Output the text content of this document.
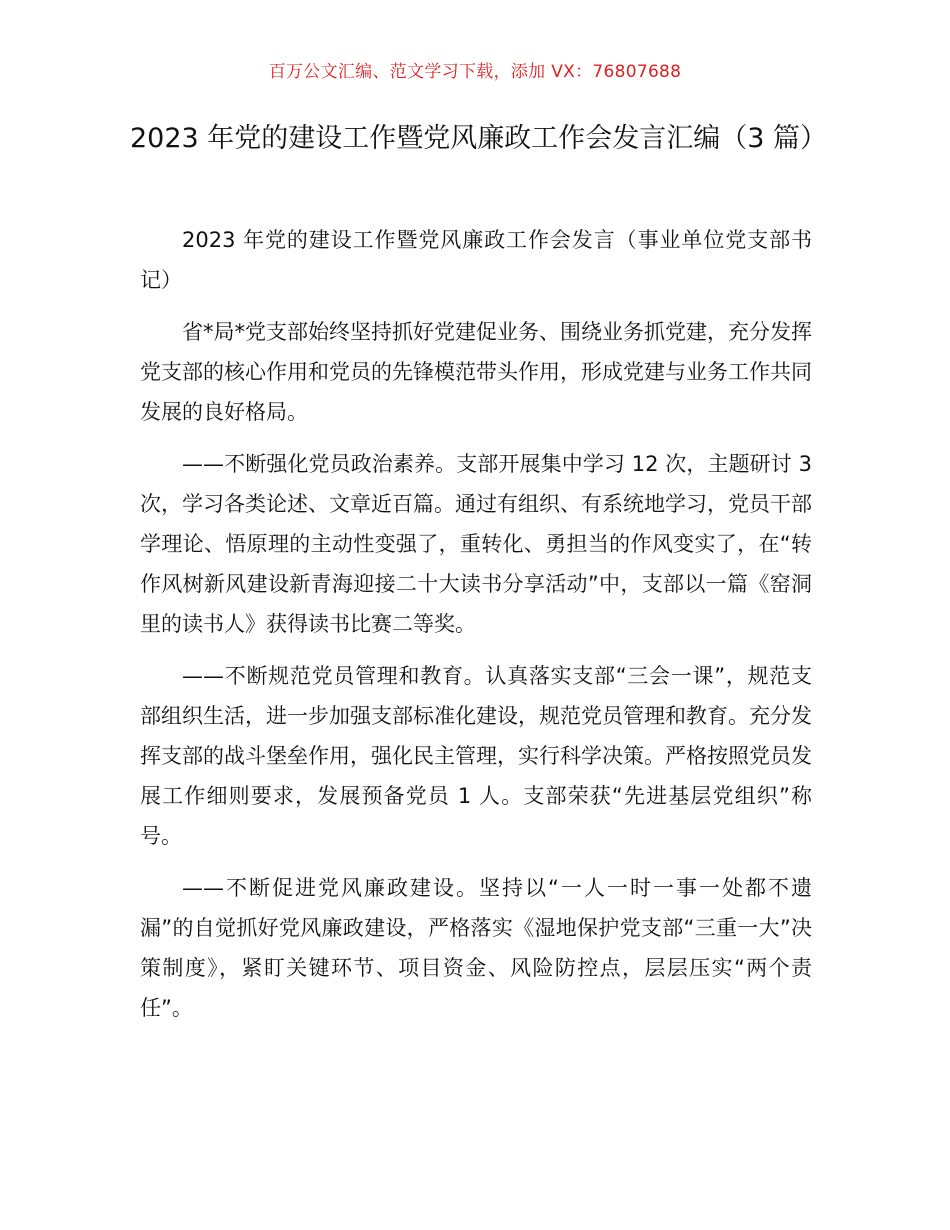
百万公文汇编、范文学习下载，添加 VX：76807688
2023 年党的建设工作暨党风廉政工作会发言汇编（3 篇）

2023 年党的建设工作暨党风廉政工作会发言（事业单位党支部书记）

省*局*党支部始终坚持抓好党建促业务、围绕业务抓党建，充分发挥党支部的核心作用和党员的先锋模范带头作用，形成党建与业务工作共同发展的良好格局。

——不断强化党员政治素养。支部开展集中学习 12 次，主题研讨 3 次，学习各类论述、文章近百篇。通过有组织、有系统地学习，党员干部学理论、悟原理的主动性变强了，重转化、勇担当的作风变实了，在“转作风树新风建设新青海迎接二十大读书分享活动”中，支部以一篇《窑洞里的读书人》获得读书比赛二等奖。

——不断规范党员管理和教育。认真落实支部“三会一课”，规范支部组织生活，进一步加强支部标准化建设，规范党员管理和教育。充分发挥支部的战斗堡垒作用，强化民主管理，实行科学决策。严格按照党员发展工作细则要求，发展预备党员 1 人。支部荣获“先进基层党组织”称号。

——不断促进党风廉政建设。坚持以“一人一时一事一处都不遗漏”的自觉抓好党风廉政建设，严格落实《湿地保护党支部“三重一大”决策制度》，紧盯关键环节、项目资金、风险防控点，层层压实“两个责任”。
